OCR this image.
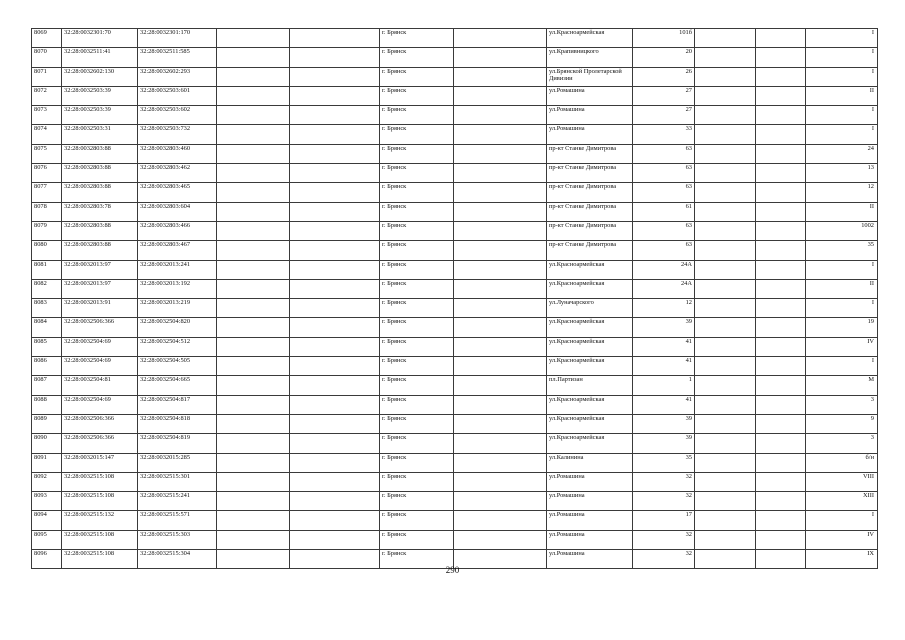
8069	32:28:0032301:70	32:28:0032301:170			г. Брянск		ул.Красноармейская	101б			I
8070	32:28:0032511:41	32:28:0032511:585			г. Брянск		ул.Крапивницкого	20			I
8071	32:28:0032602:130	32:28:0032602:293			г. Брянск		ул.Брянской Пролетарской Дивизии	26			I
8072	32:28:0032503:39	32:28:0032503:601			г. Брянск		ул.Ромашина	27			II
8073	32:28:0032503:39	32:28:0032503:602			г. Брянск		ул.Ромашина	27			I
8074	32:28:0032503:31	32:28:0032503:732			г. Брянск		ул.Ромашина	33			I
8075	32:28:0032803:88	32:28:0032803:460			г. Брянск		пр-кт Станке Димитрова	63			24
8076	32:28:0032803:88	32:28:0032803:462			г. Брянск		пр-кт Станке Димитрова	63			13
8077	32:28:0032803:88	32:28:0032803:465			г. Брянск		пр-кт Станке Димитрова	63			12
8078	32:28:0032803:78	32:28:0032803:604			г. Брянск		пр-кт Станке Димитрова	61			II
8079	32:28:0032803:88	32:28:0032803:466			г. Брянск		пр-кт Станке Димитрова	63			1002
8080	32:28:0032803:88	32:28:0032803:467			г. Брянск		пр-кт Станке Димитрова	63			35
8081	32:28:0032013:97	32:28:0032013:241			г. Брянск		ул.Красноармейская	24А			I
8082	32:28:0032013:97	32:28:0032013:192			г. Брянск		ул.Красноармейская	24А			II
8083	32:28:0032013:91	32:28:0032013:219			г. Брянск		ул.Луначарского	12			I
8084	32:28:0032506:366	32:28:0032504:820			г. Брянск		ул.Красноармейская	39			19
8085	32:28:0032504:69	32:28:0032504:512			г. Брянск		ул.Красноармейская	41			IV
8086	32:28:0032504:69	32:28:0032504:505			г. Брянск		ул.Красноармейская	41			I
8087	32:28:0032504:81	32:28:0032504:665			г. Брянск		пл.Партизан	1			М
8088	32:28:0032504:69	32:28:0032504:817			г. Брянск		ул.Красноармейская	41			3
8089	32:28:0032506:366	32:28:0032504:818			г. Брянск		ул.Красноармейская	39			9
8090	32:28:0032506:366	32:28:0032504:819			г. Брянск		ул.Красноармейская	39			3
8091	32:28:0032015:147	32:28:0032015:285			г. Брянск		ул.Калинина	35			б/н
8092	32:28:0032515:108	32:28:0032515:301			г. Брянск		ул.Ромашина	32			VIII
8093	32:28:0032515:108	32:28:0032515:241			г. Брянск		ул.Ромашина	32			XIII
8094	32:28:0032515:132	32:28:0032515:571			г. Брянск		ул.Ромашина	17			I
8095	32:28:0032515:108	32:28:0032515:303			г. Брянск		ул.Ромашина	32			IV
8096	32:28:0032515:108	32:28:0032515:304			г. Брянск		ул.Ромашина	32			IX
290
